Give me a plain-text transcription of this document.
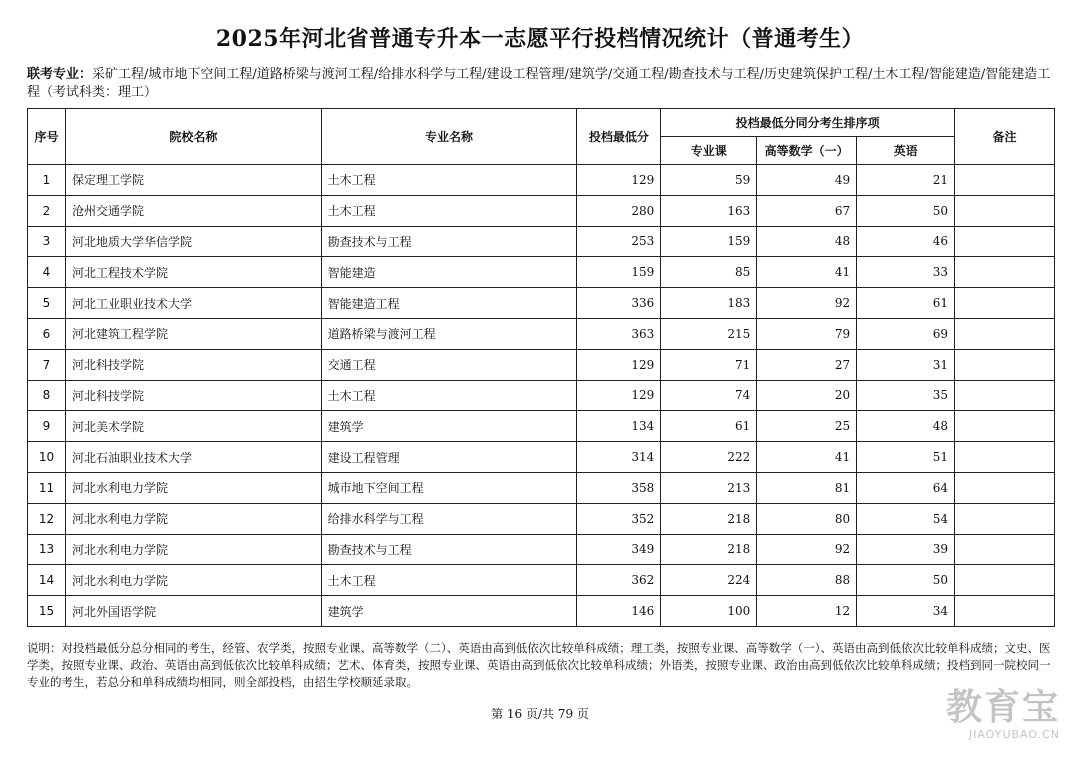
2025年河北省普通专升本一志愿平行投档情况统计（普通考生）
联考专业：采矿工程/城市地下空间工程/道路桥梁与渡河工程/给排水科学与工程/建设工程管理/建筑学/交通工程/勘查技术与工程/历史建筑保护工程/土木工程/智能建造/智能建造工程（考试科类：理工）
序号	院校名称	专业名称	投档最低分	投档最低分同分考生排序项			备注
				专业课	高等数学（一）	英语	
1	保定理工学院	土木工程	129	59	49	21	
2	沧州交通学院	土木工程	280	163	67	50	
3	河北地质大学华信学院	勘查技术与工程	253	159	48	46	
4	河北工程技术学院	智能建造	159	85	41	33	
5	河北工业职业技术大学	智能建造工程	336	183	92	61	
6	河北建筑工程学院	道路桥梁与渡河工程	363	215	79	69	
7	河北科技学院	交通工程	129	71	27	31	
8	河北科技学院	土木工程	129	74	20	35	
9	河北美术学院	建筑学	134	61	25	48	
10	河北石油职业技术大学	建设工程管理	314	222	41	51	
11	河北水利电力学院	城市地下空间工程	358	213	81	64	
12	河北水利电力学院	给排水科学与工程	352	218	80	54	
13	河北水利电力学院	勘查技术与工程	349	218	92	39	
14	河北水利电力学院	土木工程	362	224	88	50	
15	河北外国语学院	建筑学	146	100	12	34	
说明：对投档最低分总分相同的考生，经管、农学类，按照专业课、高等数学（二）、英语由高到低依次比较单科成绩；理工类，按照专业课、高等数学（一）、英语由高到低依次比较单科成绩；文史、医学类，按照专业课、政治、英语由高到低依次比较单科成绩；艺术、体育类，按照专业课、英语由高到低依次比较单科成绩；外语类，按照专业课、政治由高到低依次比较单科成绩；投档到同一院校同一专业的考生，若总分和单科成绩均相同，则全部投档，由招生学校顺延录取。
第 16 页/共 79 页	教育宝
JIAOYUBAO.CN
